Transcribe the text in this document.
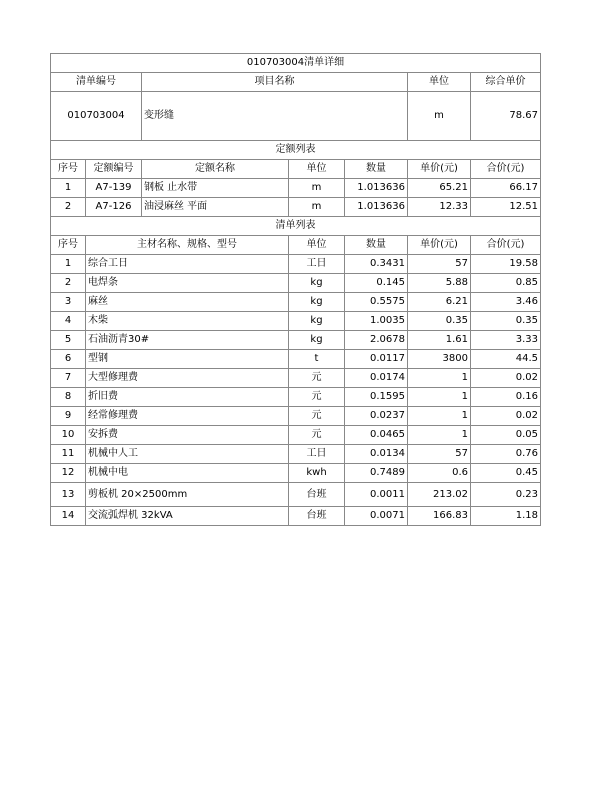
010703004清单详细						
清单编号		项目名称			单位	综合单价
010703004		变形缝			m	78.67
定额列表						
序号	定额编号	定额名称	单位	数量	单价(元)	合价(元)
1	A7-139	钢板 止水带	m	1.013636	65.21	66.17
2	A7-126	油浸麻丝 平面	m	1.013636	12.33	12.51
清单列表						
序号	主材名称、规格、型号		单位	数量	单价(元)	合价(元)
1	综合工日		工日	0.3431	57	19.58
2	电焊条		kg	0.145	5.88	0.85
3	麻丝		kg	0.5575	6.21	3.46
4	木柴		kg	1.0035	0.35	0.35
5	石油沥青30#		kg	2.0678	1.61	3.33
6	型钢		t	0.0117	3800	44.5
7	大型修理费		元	0.0174	1	0.02
8	折旧费		元	0.1595	1	0.16
9	经常修理费		元	0.0237	1	0.02
10	安拆费		元	0.0465	1	0.05
11	机械中人工		工日	0.0134	57	0.76
12	机械中电		kwh	0.7489	0.6	0.45
13	剪板机 20×2500mm		台班	0.0011	213.02	0.23
14	交流弧焊机 32kVA		台班	0.0071	166.83	1.18
